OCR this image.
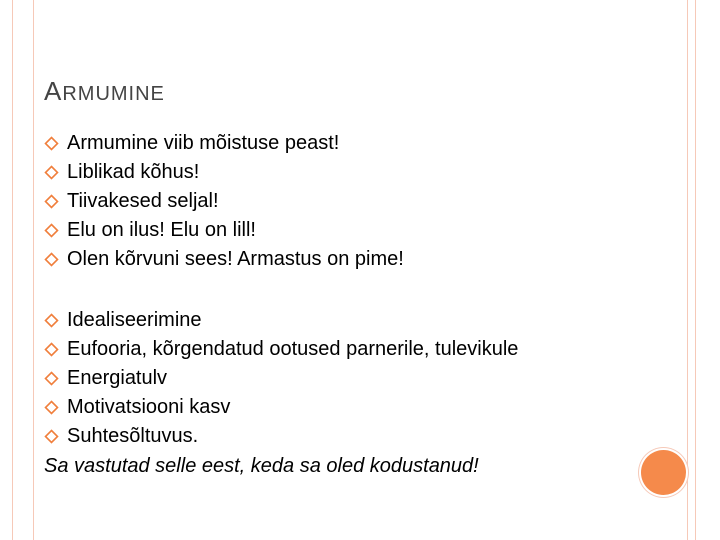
ARMUMINE
Armumine viib mõistuse peast!
Liblikad kõhus!
Tiivakesed seljal!
Elu on ilus! Elu on lill!
Olen kõrvuni sees! Armastus on pime!
Idealiseerimine
Eufooria, kõrgendatud ootused parnerile, tulevikule
Energiatulv
Motivatsiooni kasv
Suhtesõltuvus.
Sa vastutad selle eest, keda sa oled kodustanud!
